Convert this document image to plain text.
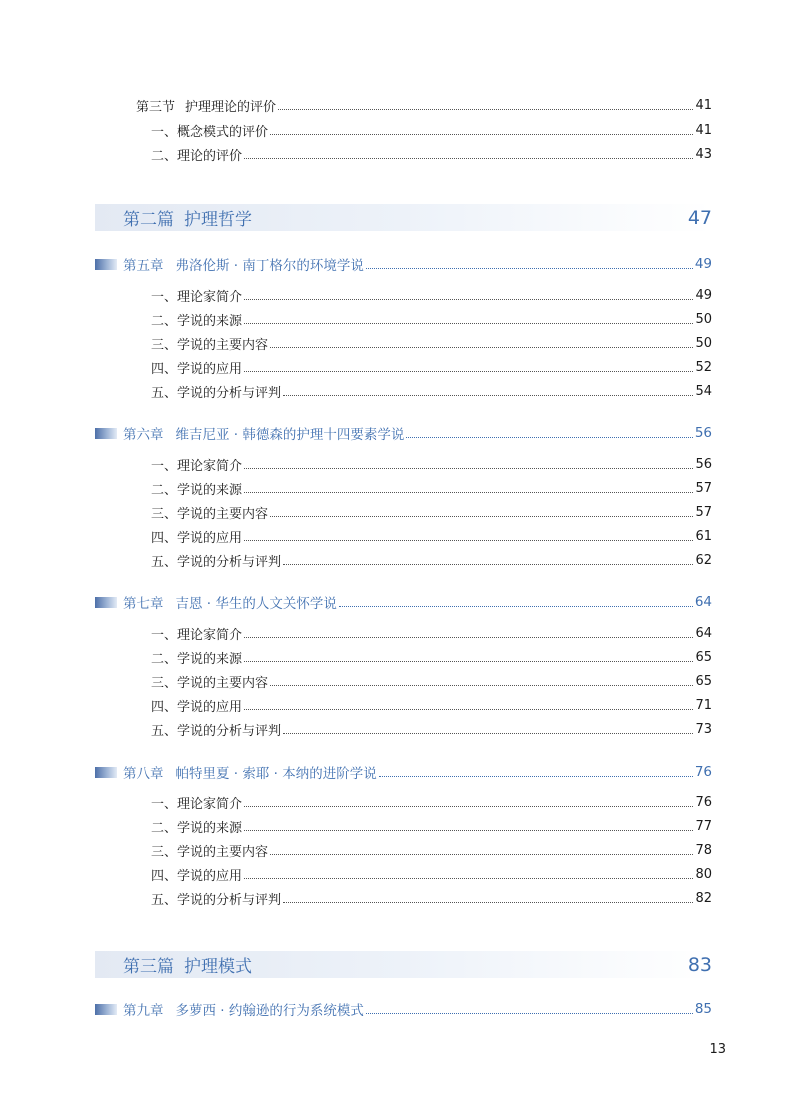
第三节 护理理论的评价	41
一、概念模式的评价	41
二、理论的评价	43
第二篇 护理哲学	47
第五章 弗洛伦斯 · 南丁格尔的环境学说	49
一、理论家简介	49
二、学说的来源	50
三、学说的主要内容	50
四、学说的应用	52
五、学说的分析与评判	54
第六章 维吉尼亚 · 韩德森的护理十四要素学说	56
一、理论家简介	56
二、学说的来源	57
三、学说的主要内容	57
四、学说的应用	61
五、学说的分析与评判	62
第七章 吉恩 · 华生的人文关怀学说	64
一、理论家简介	64
二、学说的来源	65
三、学说的主要内容	65
四、学说的应用	71
五、学说的分析与评判	73
第八章 帕特里夏 · 索耶 · 本纳的进阶学说	76
一、理论家简介	76
二、学说的来源	77
三、学说的主要内容	78
四、学说的应用	80
五、学说的分析与评判	82
第三篇 护理模式	83
第九章 多萝西 · 约翰逊的行为系统模式	85
13
